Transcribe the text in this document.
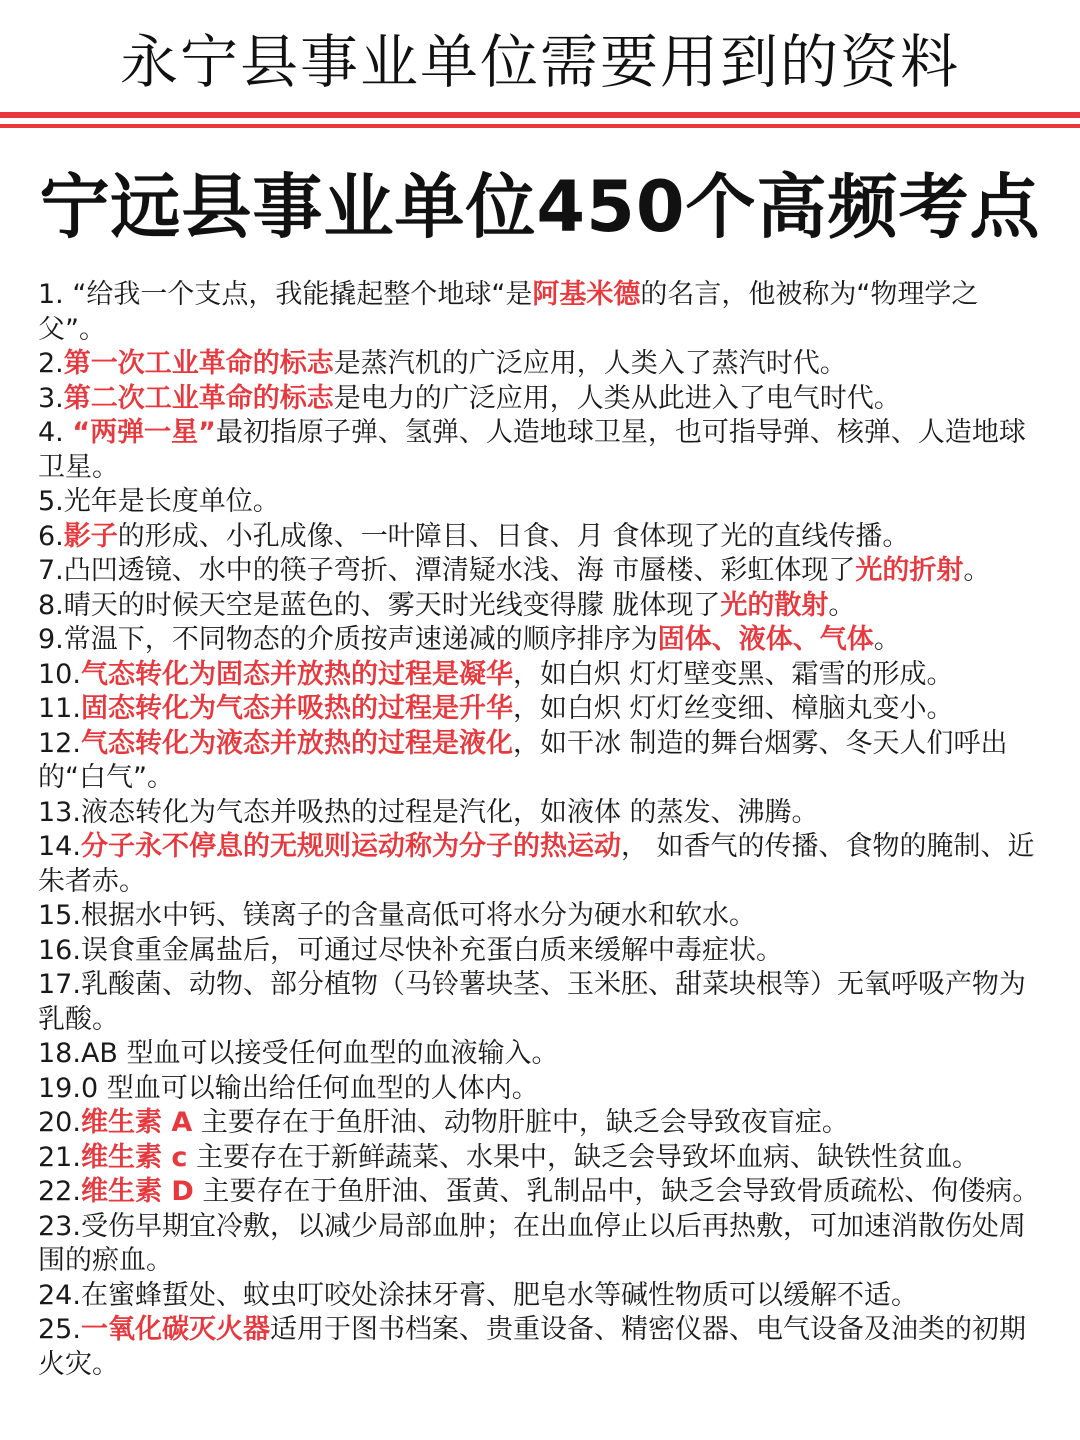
永宁县事业单位需要用到的资料
宁远县事业单位450个高频考点

1. “给我一个支点，我能撬起整个地球“是阿基米德的名言，他被称为“物理学之父”。

2.第一次工业革命的标志是蒸汽机的广泛应用，人类入了蒸汽时代。

3.第二次工业革命的标志是电力的广泛应用，人类从此进入了电气时代。

4. “两弹一星”最初指原子弹、氢弹、人造地球卫星，也可指导弹、核弹、人造地球卫星。

5.光年是长度单位。

6.影子的形成、小孔成像、一叶障目、日食、月 食体现了光的直线传播。

7.凸凹透镜、水中的筷子弯折、潭清疑水浅、海 市蜃楼、彩虹体现了光的折射。

8.晴天的时候天空是蓝色的、雾天时光线变得朦 胧体现了光的散射。

9.常温下，不同物态的介质按声速递减的顺序排序为固体、液体、气体。

10.气态转化为固态并放热的过程是凝华，如白炽 灯灯壁变黑、霜雪的形成。

11.固态转化为气态并吸热的过程是升华，如白炽 灯灯丝变细、樟脑丸变小。

12.气态转化为液态并放热的过程是液化，如干冰 制造的舞台烟雾、冬天人们呼出的“白气”。

13.液态转化为气态并吸热的过程是汽化，如液体 的蒸发、沸腾。

14.分子永不停息的无规则运动称为分子的热运动， 如香气的传播、食物的腌制、近朱者赤。

15.根据水中钙、镁离子的含量高低可将水分为硬水和软水。

16.误食重金属盐后，可通过尽快补充蛋白质来缓解中毒症状。

17.乳酸菌、动物、部分植物（马铃薯块茎、玉米胚、甜菜块根等）无氧呼吸产物为乳酸。

18.AB 型血可以接受任何血型的血液输入。

19.0 型血可以输出给任何血型的人体内。

20.维生素 A 主要存在于鱼肝油、动物肝脏中，缺乏会导致夜盲症。

21.维生素 c 主要存在于新鲜蔬菜、水果中，缺乏会导致坏血病、缺铁性贫血。

22.维生素 D 主要存在于鱼肝油、蛋黄、乳制品中，缺乏会导致骨质疏松、佝偻病。

23.受伤早期宜冷敷，以减少局部血肿；在出血停止以后再热敷，可加速消散伤处周围的瘀血。

24.在蜜蜂蜇处、蚊虫叮咬处涂抹牙膏、肥皂水等碱性物质可以缓解不适。

25.一氧化碳灭火器适用于图书档案、贵重设备、精密仪器、电气设备及油类的初期火灾。
